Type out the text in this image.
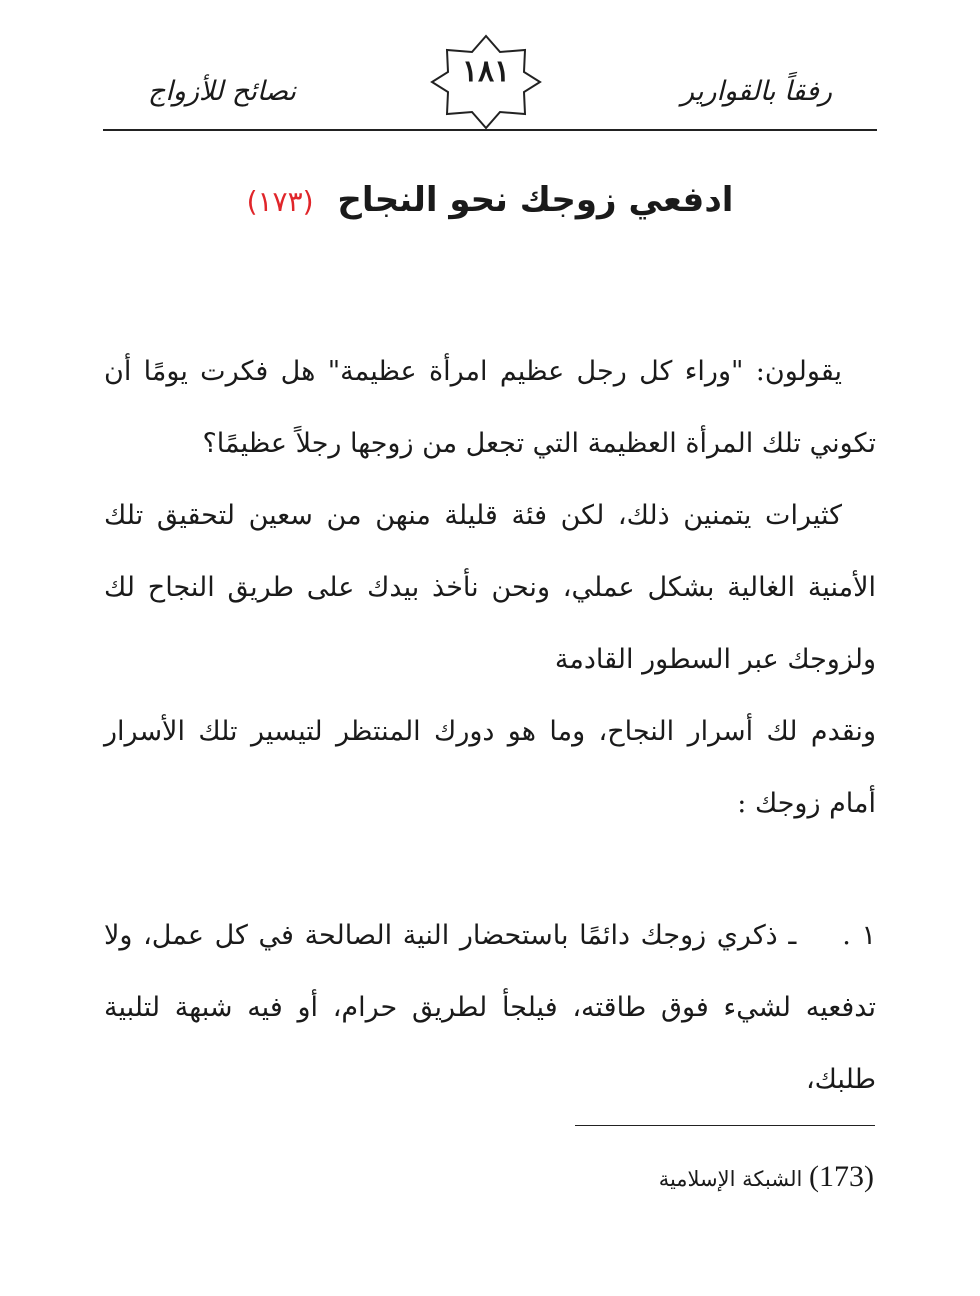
نصائح للأزواج
١٨١
رفقاً بالقوارير
ادفعي زوجك نحو النجاح (١٧٣)

يقولون: "وراء كل رجل عظيم امرأة عظيمة" هل فكرت يومًا أن تكوني تلك المرأة العظيمة التي تجعل من زوجها رجلاً عظيمًا؟

كثيرات يتمنين ذلك، لكن فئة قليلة منهن من سعين لتحقيق تلك الأمنية الغالية بشكل عملي، ونحن نأخذ بيدك على طريق النجاح لك ولزوجك عبر السطور القادمة

ونقدم لك أسرار النجاح، وما هو دورك المنتظر لتيسير تلك الأسرار أمام زوجك :

١ .ـ ذكري زوجك دائمًا باستحضار النية الصالحة في كل عمل، ولا تدفعيه لشيء فوق طاقته، فيلجأ لطريق حرام، أو فيه شبهة لتلبية طلبك،

(173) الشبكة الإسلامية
